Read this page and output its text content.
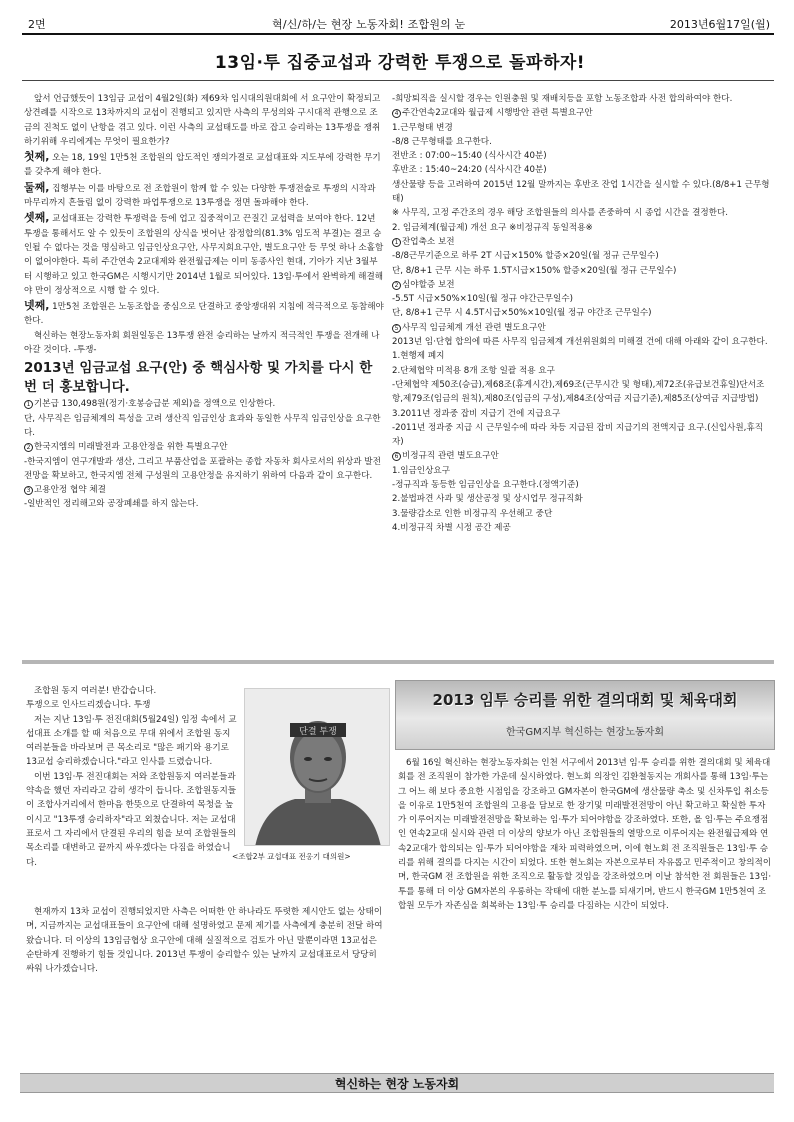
2면	혁/신/하/는 현장 노동자회! 조합원의 눈	2013년6월17일(월)
13임·투 집중교섭과 강력한 투쟁으로 돌파하자!

앞서 언급했듯이 13임금 교섭이 4월2일(화) 제69차 임시대의원대회에 서 요구안이 확정되고 상견례를 시작으로 13차까지의 교섭이 진행되고 있지만 사측의 무성의와 구시대적 관행으로 조금의 진척도 없이 난항을 겪고 있다. 이런 사측의 교섭태도를 바로 잡고 승리하는 13투쟁을 쟁취 하기위해 우리에게는 무엇이 필요한가?

첫째, 오는 18, 19일 1만5천 조합원의 압도적인 쟁의가결로 교섭대표와 지도부에 강력한 무기를 갖추게 해야 한다.

둘째, 집행부는 이를 바탕으로 전 조합원이 함께 할 수 있는 다양한 투쟁전술로 투쟁의 시작과 마무리까지 흔들림 없이 강력한 파업투쟁으로 13투쟁을 정면 돌파해야 한다.

셋째, 교섭대표는 강력한 투쟁력을 등에 업고 집중적이고 끈질긴 교섭력을 보여야 한다. 12년 투쟁을 통해서도 알 수 있듯이 조합원의 상식을 벗어난 잠정합의(81.3% 임도적 부결)는 결코 승인될 수 없다는 것을 명심하고 임금인상요구안, 사무지회요구안, 별도요구안 등 무엇 하나 소홀함이 없어야한다. 특히 주간연속 2교대제와 완전월급제는 이미 동종사인 현대, 기아가 지난 3월부터 시행하고 있고 한국GM은 시행시기만 2014년 1월로 되어있다. 13임·투에서 완벽하게 해결해야 만이 정상적으로 시행 할 수 있다.

넷째, 1만5천 조합원은 노동조합을 중심으로 단결하고 중앙쟁대위 지침에 적극적으로 동참해야 한다.

혁신하는 현장노동자회 회원일동은 13투쟁 완전 승리하는 날까지 적극적인 투쟁을 전개해 나아갈 것이다. -투쟁-

2013년 임금교섭 요구(안) 중 핵심사항 및 가치를 다시 한번 더 홍보합니다.

1 기본급 130,498원(정기·호봉승급분 제외)을 정액으로 인상한다.

단, 사무직은 임금체계의 특성을 고려 생산직 임금인상 효과와 동일한 사무직 임금인상을 요구한다.

2 한국지엠의 미래발전과 고용안정을 위한 특별요구안

-한국지엠이 연구개발과 생산, 그리고 부품산업을 포괄하는 종합 자동차 회사로서의 위상과 발전전망을 확보하고, 한국지엠 전체 구성원의 고용안정을 유지하기 위하여 다음과 같이 요구한다.

3 고용안정 협약 체결

-일반적인 정리해고와 공장폐쇄를 하지 않는다.

-희망퇴직을 실시할 경우는 인원충원 및 재배치등을 포함 노동조합과 사전 합의하여야 한다.

4 주간연속2교대와 월급제 시행방안 관련 특별요구안

1.근무형태 변경

-8/8 근무형태를 요구한다.

전반조 : 07:00~15:40 (식사시간 40분)

후반조 : 15:40~24:20 (식사시간 40분)

생산물량 등을 고려하여 2015년 12월 말까지는 후반조 잔업 1시간을 실시할 수 있다.(8/8+1 근무형태)

※ 사무직, 고정 주간조의 경우 해당 조합원들의 의사를 존중하여 시 종업 시간을 결정한다.

2. 임금체계(월급제) 개선 요구 ※비정규직 동일적용※

1 잔업축소 보전

-8/8근무기준으로 하루 2T 시급×150% 할증×20일(월 정규 근무일수)

단, 8/8+1 근무 시는 하루 1.5T시급×150% 할증×20일(월 정규 근무일수)

2 심야할증 보전

-5.5T 시급×50%×10일(월 정규 야간근무일수)

단, 8/8+1 근무 시 4.5T시급×50%×10일(월 정규 야간조 근무일수)

5 사무직 임금체계 개선 관련 별도요구안

2013년 임·단협 합의에 따른 사무직 임금체계 개선위원회의 미해결 건에 대해 아래와 같이 요구한다.

1.현행제 폐지

2.단체협약 미적용 8개 조항 일괄 적용 요구

-단체협약 제50조(승급),제68조(휴게시간),제69조(근무시간 및 형태),제72조(유급보건휴일)단서조항,제79조(임금의 원칙),제80조(임금의 구성),제84조(상여금 지급기준),제85조(상여금 지급방법)

3.2011년 정과중 잡비 지급기 건에 지급요구

-2011년 정과중 지급 시 근무일수에 따라 차등 지급된 잡비 지급기의 전액지급 요구.(신입사원,휴직자)

6 비정규직 관련 별도요구안

1.임금인상요구

-정규직과 동등한 임금인상을 요구한다.(정액기준)

2.불법파견 사과 및 생산공정 및 상시업무 정규직화

3.물량감소로 인한 비정규직 우선해고 중단

4.비정규직 차별 시정 공간 제공

조합원 동지 여러분! 반갑습니다.

투쟁으로 인사드리겠습니다. 투쟁

저는 지난 13임·투 전진대회(5월24일) 임정 속에서 교섭대표 소개를 할 때 처음으로 무대 위에서 조합원 동지 여러분들을 바라보며 큰 목소리로 "많은 패기와 용기로 13교섭 승리하겠습니다."라고 인사를 드렸습니다.

이번 13임·투 전진대회는 저와 조합원동지 여러분들과 약속을 했던 자리라고 감히 생각이 듭니다. 조합원동지들이 조합사거리에서 한마음 한뜻으로 단결하여 목청을 높이시고 "13투쟁 승리하자"라고 외쳤습니다. 저는 교섭대표로서 그 자리에서 단결된 우리의 힘을 보여 조합원들의 목소리를 대변하고 끝까지 싸우겠다는 다짐을 하였습니다.

단결 투쟁
<조합2부 교섭대표 전옹기 대의원>

현재까지 13차 교섭이 진행되었지만 사측은 어떠한 안 하나라도 뚜렷한 제시안도 없는 상태이며, 지금까지는 교섭대표들이 요구안에 대해 설명하였고 문제 제기를 사측에게 충분히 전달 하여왔습니다. 더 이상의 13임금협상 요구안에 대해 실질적으로 검토가 아닌 말뿐이라면 13교섭은 순탄하게 진행하기 힘들 것입니다. 2013년 투쟁이 승리할수 있는 날까지 교섭대표로서 당당히 싸워 나가겠습니다.

2013 임투 승리를 위한 결의대회 및 체육대회
한국GM지부 혁신하는 현장노동자회

6월 16일 혁신하는 현장노동자회는 인천 서구에서 2013년 임·투 승리를 위한 결의대회 및 체육대회를 전 조직원이 참가한 가운데 실시하였다. 현노회 의장인 김환철동지는 개회사를 통해 13임·투는 그 어느 해 보다 중요한 시점임을 강조하고 GM자본이 한국GM에 생산물량 축소 및 신차투입 취소등을 이유로 1만5천여 조합원의 고용을 담보로 한 장기및 미래발전전망이 아닌 확고하고 확실한 투자가 이루어지는 미래발전전망을 확보하는 임·투가 되어야함을 강조하였다. 또한, 올 임·투는 주요쟁점인 연속2교대 실시와 관련 더 이상의 양보가 아닌 조합원들의 열망으로 이루어지는 완전월급제와 연속2교대가 합의되는 임·투가 되어야함을 재차 피력하였으며, 이에 현노회 전 조직원들은 13임·투 승리를 위해 결의를 다지는 시간이 되었다. 또한 현노회는 자본으로부터 자유롭고 민주적이고 창의적이며, 한국GM 전 조합원을 위한 조직으로 활동할 것임을 강조하였으며 이날 참석한 전 회원들은 13임·투를 통해 더 이상 GM자본의 우롱하는 작태에 대한 분노를 되새기며, 반드시 한국GM 1만5천여 조합원 모두가 자존심을 회복하는 13임·투 승리를 다짐하는 시간이 되었다.

혁신하는 현장 노동자회
